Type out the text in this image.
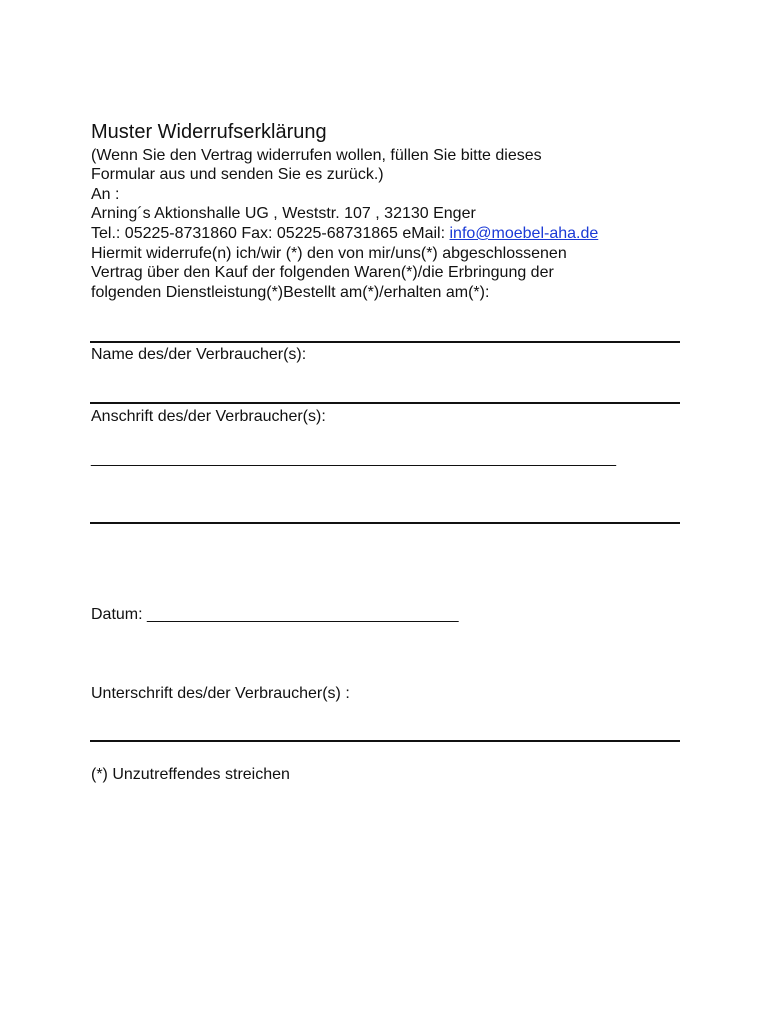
Muster Widerrufserklärung
(Wenn Sie den Vertrag widerrufen wollen, füllen Sie bitte dieses
Formular aus und senden Sie es zurück.)
An :
Arning´s Aktionshalle UG , Weststr. 107 , 32130 Enger
Tel.: 05225-8731860 Fax: 05225-68731865 eMail: info@moebel-aha.de
Hiermit widerrufe(n) ich/wir (*) den von mir/uns(*) abgeschlossenen
Vertrag über den Kauf der folgenden Waren(*)/die Erbringung der
folgenden Dienstleistung(*)Bestellt am(*)/erhalten am(*):
Name des/der Verbraucher(s):
Anschrift des/der Verbraucher(s):
___________________________________________________________
Datum: ___________________________________
Unterschrift des/der Verbraucher(s) :
(*) Unzutreffendes streichen
